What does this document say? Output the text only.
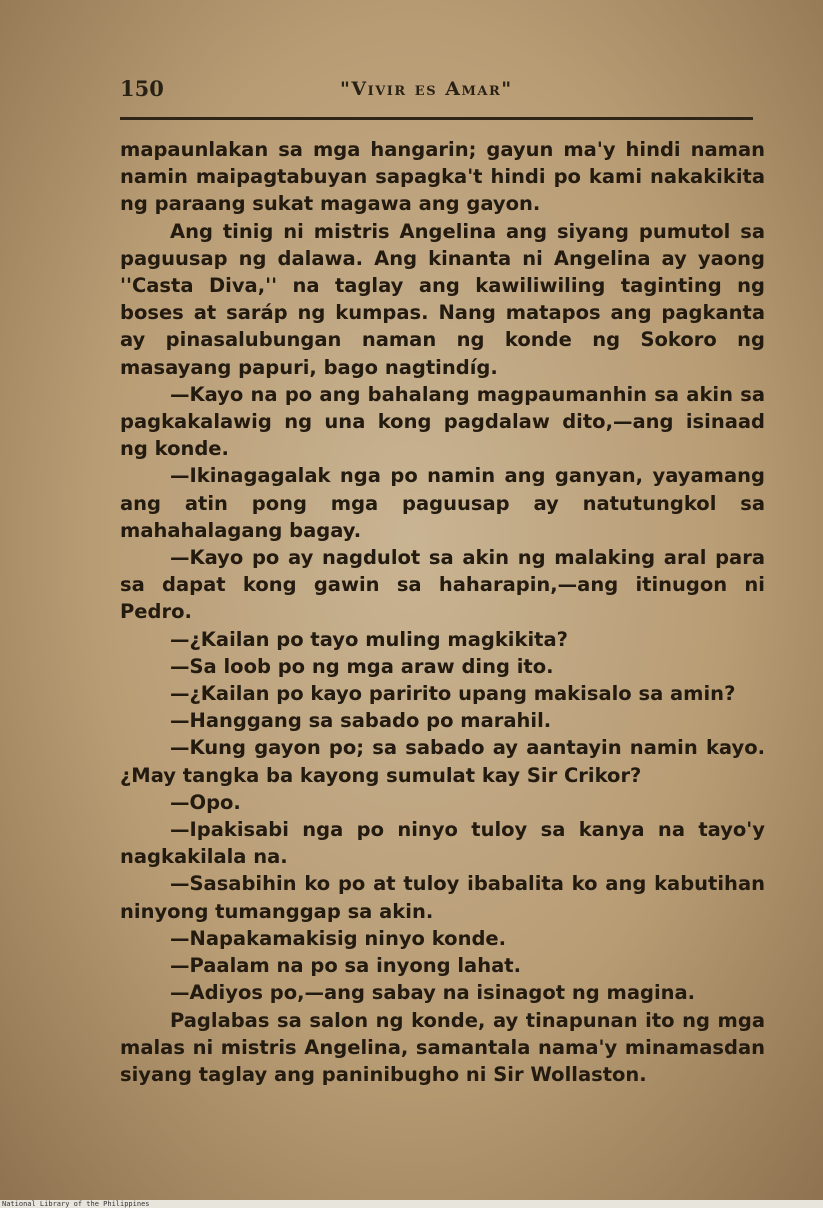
150	"Vivir es Amar"

mapaunlakan sa mga hangarin; gayun ma'y hindi naman namin maipagtabuyan sapagka't hindi po kami nakakikita ng paraang sukat magawa ang gayon.

Ang tinig ni mistris Angelina ang siyang pumutol sa paguusap ng dalawa. Ang kinanta ni Angelina ay yaong ''Casta Diva,'' na taglay ang kawiliwiling taginting ng boses at saráp ng kumpas. Nang matapos ang pagkanta ay pinasalubungan naman ng konde ng Sokoro ng masayang papuri, bago nagtindíg.

—Kayo na po ang bahalang magpaumanhin sa akin sa pagkakalawig ng una kong pagdalaw dito,—ang isinaad ng konde.

—Ikinagagalak nga po namin ang ganyan, yayamang ang atin pong mga paguusap ay natutungkol sa mahahalagang bagay.

—Kayo po ay nagdulot sa akin ng malaking aral para sa dapat kong gawin sa haharapin,—ang itinugon ni Pedro.

—¿Kailan po tayo muling magkikita?

—Sa loob po ng mga araw ding ito.

—¿Kailan po kayo paririto upang makisalo sa amin?

—Hanggang sa sabado po marahil.

—Kung gayon po; sa sabado ay aantayin namin kayo. ¿May tangka ba kayong sumulat kay Sir Crikor?

—Opo.

—Ipakisabi nga po ninyo tuloy sa kanya na tayo'y nagkakilala na.

—Sasabihin ko po at tuloy ibabalita ko ang kabutihan ninyong tumanggap sa akin.

—Napakamakisig ninyo konde.

—Paalam na po sa inyong lahat.

—Adiyos po,—ang sabay na isinagot ng magina.

Paglabas sa salon ng konde, ay tinapunan ito ng mga malas ni mistris Angelina, samantala nama'y minamasdan siyang taglay ang paninibugho ni Sir Wollaston.

National Library of the Philippines
